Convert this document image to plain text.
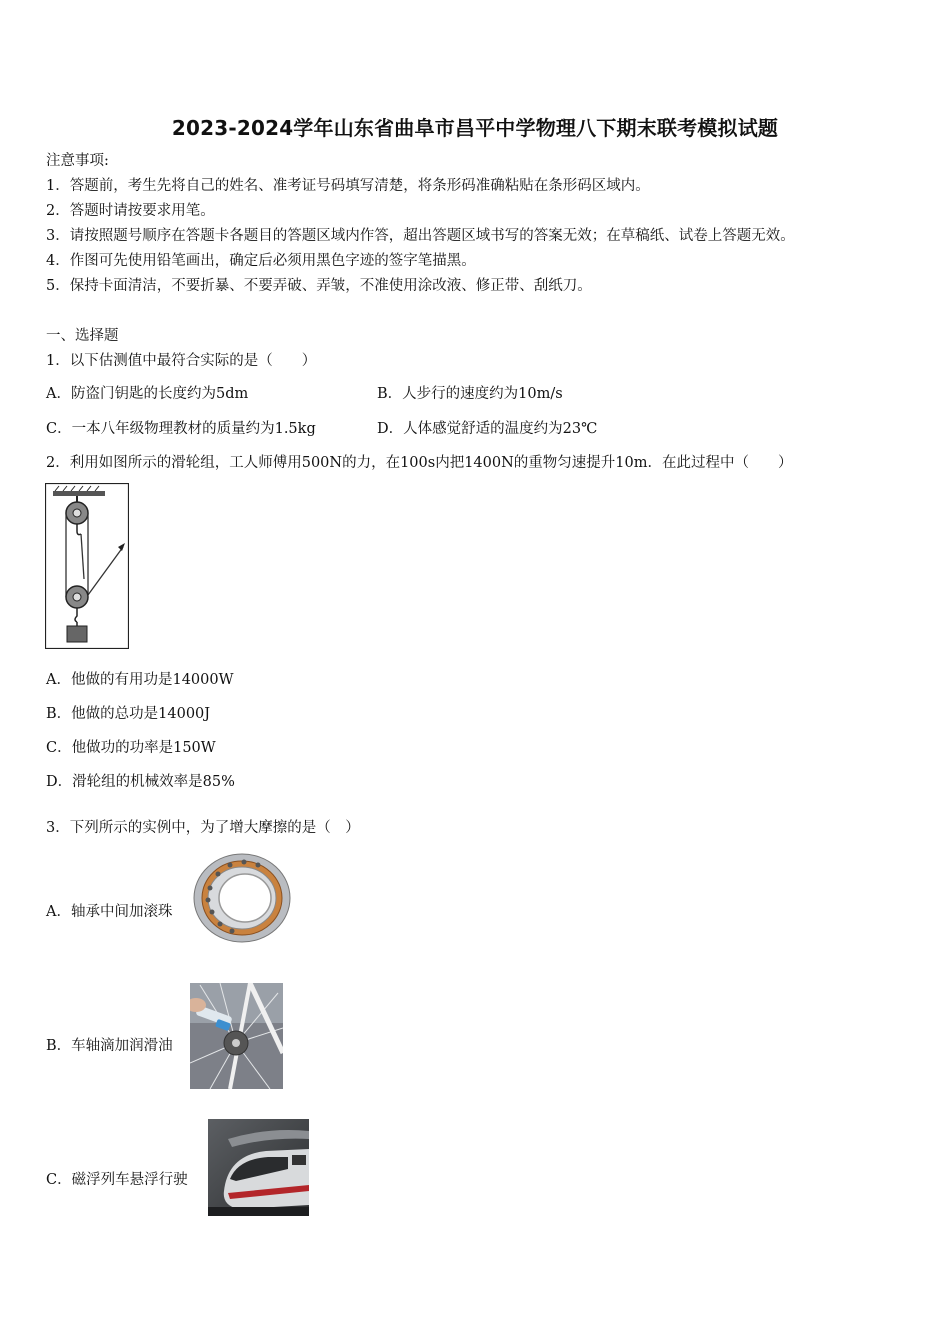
2023-2024学年山东省曲阜市昌平中学物理八下期末联考模拟试题
注意事项:
1．答题前，考生先将自己的姓名、准考证号码填写清楚，将条形码准确粘贴在条形码区域内。
2．答题时请按要求用笔。
3．请按照题号顺序在答题卡各题目的答题区域内作答，超出答题区域书写的答案无效；在草稿纸、试卷上答题无效。
4．作图可先使用铅笔画出，确定后必须用黑色字迹的签字笔描黑。
5．保持卡面清洁，不要折暴、不要弄破、弄皱，不准使用涂改液、修正带、刮纸刀。
一、选择题
1．以下估测值中最符合实际的是（　　）
A．防盗门钥匙的长度约为5dm	B．人步行的速度约为10m/s
C．一本八年级物理教材的质量约为1.5kg	D．人体感觉舒适的温度约为23℃
2．利用如图所示的滑轮组，工人师傅用500N的力，在100s内把1400N的重物匀速提升10m．在此过程中（　　）
A．他做的有用功是14000W
B．他做的总功是14000J
C．他做功的功率是150W
D．滑轮组的机械效率是85%
3．下列所示的实例中，为了增大摩擦的是（　）
A．轴承中间加滚珠
B．车轴滴加润滑油
C．磁浮列车悬浮行驶
